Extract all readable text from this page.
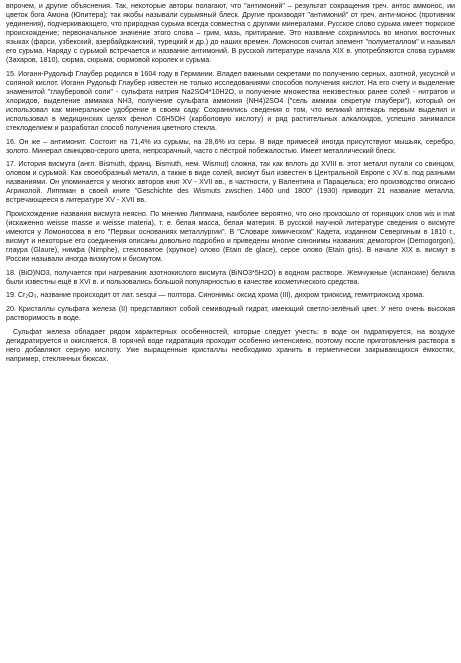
впрочем, и другие объяснения. Так, некоторые авторы полагают, что "антимоний" – результат сокращения греч. антос аммонос, ии цветок бога Амона (Юпитера); так якобы называли сурьмяный блеск. Другие производят "антимоний" от греч. анти-монос (противник уединения), подчеркивающего, что природная сурьма всегда совместна с другими минералами. Русское слово сурьма имеет тюркское происхождение; первоначальное значение этого слова – грим, мазь, притирание. Это название сохранилось во многих восточных языках (фарси, узбекский, азербайджанский, турецкий и др.) до наших времен. Ломоносов считал элемент "полуметаллом" и называл его сурьма. Наряду с сурьмой встречается и название антимоний. В русской литературе начала XIX в. употребляются слова сурьмяк (Захаров, 1810), сюрма, сюрьма, сюрмовой королек и сурьма.

15. Иоганн-Рудольф Глаубер родился в 1604 году в Германии. Владел важными секретами по получению серных, азотной, уксусной и соляной кислот. Иоганн Рудольф Глаубер известен не только исследованиями способов получения кислот. На его счету и выделение знаменитой "глауберовой соли" - сульфата натрия Na2SO4*10H2O, и получение множества неизвестных ранее солей - нитратов и хлоридов, выделение аммиака NH3, получение сульфата аммония (NH4)2SO4 ("сель аммиак секретум глаубери"), который он использовал как минеральное удобрение в своем саду. Сохранились сведения о том, что великий аптекарь первым выделил и использовал в медицинских целях фенол C6H5OH (карболовую кислоту) и ряд растительных алкалоидов, успешно занимался стеклоделием и разработал способ получения цветного стекла.

16. Он же – антимонит. Состоит на 71,4% из сурьмы, на 28,6% из серы. В виде примесей иногда присутствуют мышьяк, серебро, золото. Минерал свинцово-серого цвета, непрозрачный, часто с пёстрой побежалостью. Имеет металлический блеск.

17. История висмута (англ. Bismuth, франц. Bismuth, нем. Wismut) сложна, так как вплоть до XVIII в. этот металл путали со свинцом, оловом и сурьмой. Как своеобразный металл, а также в виде солей, висмут был известен в Центральной Европе с XV в. под разными названиями. Он упоминается у многих авторов книг XV - XVII вв., в частности, у Валентина и Парацельса; его производство описано Агриколой. Липпман в своей книге "Geschichte des Wismuts zwschen 1460 und 1800" (1930) приводит 21 название металла, встречающееся в литературе XV - XVII вв.

Происхождение названия висмута неясно. По мнению Липпмана, наиболее вероятно, что оно произошло от горняцких слов wis и mat (искаженно weisse masse и weisse materia), т. е. белая масса, белая материя. В русской научной литературе сведения о висмуте имеются у Ломоносова в его "Первых основаниях металлургии". В "Словаре химическом" Кадета, изданном Севергиным в 1810 г., висмут и некоторые его соединения описаны довольно подробно и приведены многие синонимы названия: демогоргон (Demogorgon), глаура (Glaure), нимфа (Nimphe), стекловатое (хрупкое) олово (Etain de glace), серое олово (Etain gris). В начале XIX в. висмут в России называли иногда визмутом и бисмутом.

18. (BiO)NO3, получается при нагревании азотнокислого висмута (BiNO3*5H2O) в водном растворе. Жемчужные (испанские) белила были известны ещё в XVI в. и пользовались большой популярностью в качестве косметического средства.

19. Cr₂O₃, название происходит от лат. sesqui — полтора. Синонимы: оксид хрома (III), дихром триоксид, гемитриоксид хрома.

20. Кристаллы сульфата железа (II) представляют собой семиводный гидрат, имеющий светло-зелёный цвет. У него очень высокая растворимость в воде.

Сульфат железа обладает рядом характерных особенностей, которые следует учесть: в воде он гидратируется, на воздухе дегидратируется и окисляется. В горячей воде гидратация проходит особенно интенсивно, поэтому после приготовления раствора в него добавляют серную кислоту. Уже выращенные кристаллы необходимо хранить в герметически закрывающихся ёмкостях, например, стеклянных бюксах.
